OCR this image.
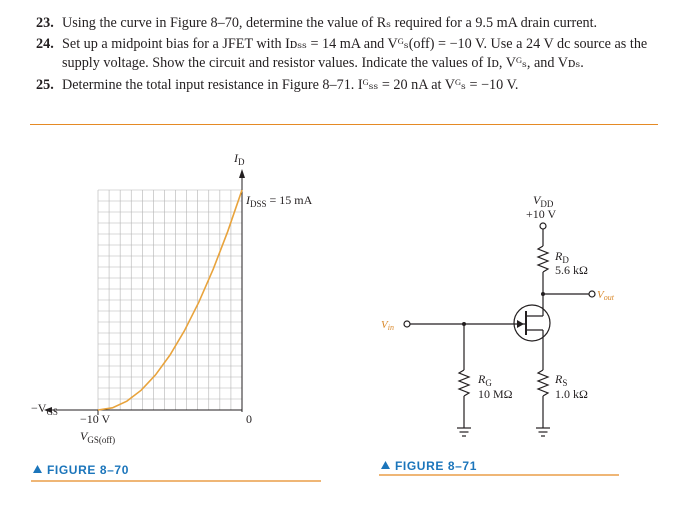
23. Using the curve in Figure 8–70, determine the value of Rₛ required for a 9.5 mA drain current.
24. Set up a midpoint bias for a JFET with Iᴅₛₛ = 14 mA and Vᴳₛ(off) = −10 V. Use a 24 V dc source as the supply voltage. Show the circuit and resistor values. Indicate the values of Iᴅ, Vᴳₛ, and Vᴅₛ.
25. Determine the total input resistance in Figure 8–71. Iᴳₛₛ = 20 nA at Vᴳₛ = −10 V.
$I_D$
$I_{DSS} = 15$ mA
$-V_{GS} -10$ V
$V_{GS(off)}$
0
FIGURE 8–70
$V_{DD}$
+10 V
$R_D$
5.6 kΩ
Vout
Vin
$R_G$
10 MΩ
$R_S$
1.0 kΩ
FIGURE 8–71
